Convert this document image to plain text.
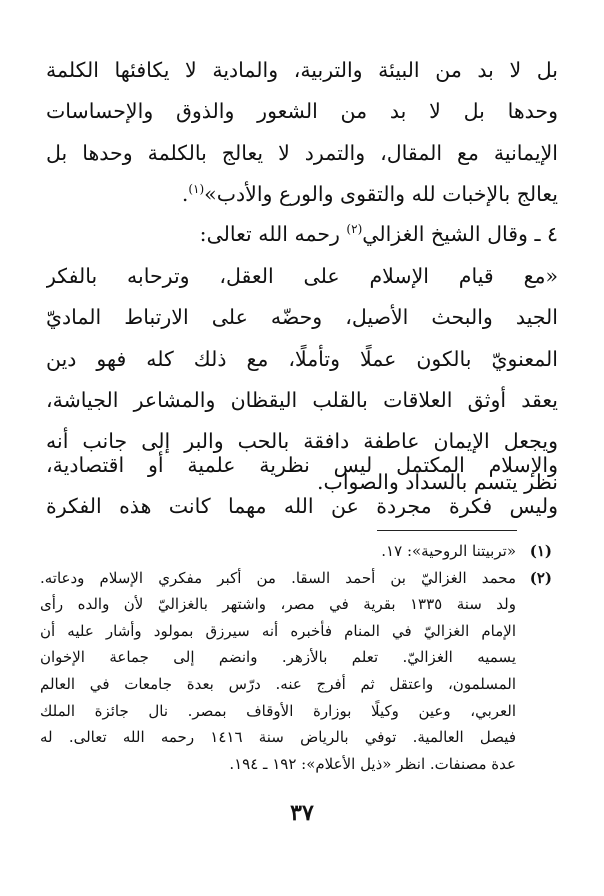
بل لا بد من البيئة والتربية، والمادية لا يكافئها الكلمة
وحدها بل لا بد من الشعور والذوق والإحساسات
الإيمانية مع المقال، والتمرد لا يعالج بالكلمة وحدها بل
يعالج بالإخبات لله والتقوى والورع والأدب»$^{(١)}$.
٤ ـ وقال الشيخ الغزالي$^{(٢)}$ رحمه الله تعالى:
«مع قيام الإسلام على العقل، وترحابه بالفكر
الجيد والبحث الأصيل، وحضّه على الارتباط الماديّ
المعنويّ بالكون عملًا وتأملًا، مع ذلك كله فهو دين
يعقد أوثق العلاقات بالقلب اليقظان والمشاعر الجياشة،
ويجعل الإيمان عاطفة دافقة بالحب والبر إلى جانب أنه
نظر يتسم بالسداد والصواب.
والإسلام المكتمل ليس نظرية علمية أو اقتصادية،
وليس فكرة مجردة عن الله مهما كانت هذه الفكرة
(١)
«تربيتنا الروحية»: ١٧.
(٢)
محمد الغزاليّ بن أحمد السقا. من أكبر مفكري الإسلام ودعاته.
ولد سنة ١٣٣٥ بقرية في مصر، واشتهر بالغزاليّ لأن والده رأى
الإمام الغزاليّ في المنام فأخبره أنه سيرزق بمولود وأشار عليه أن
يسميه الغزاليّ. تعلم بالأزهر. وانضم إلى جماعة الإخوان
المسلمون، واعتقل ثم أفرج عنه. درّس بعدة جامعات في العالم
العربي، وعين وكيلًا بوزارة الأوقاف بمصر. نال جائزة الملك
فيصل العالمية. توفي بالرياض سنة ١٤١٦ رحمه الله تعالى. له
عدة مصنفات. انظر «ذيل الأعلام»: ١٩٢ ـ ١٩٤.
٣٧
